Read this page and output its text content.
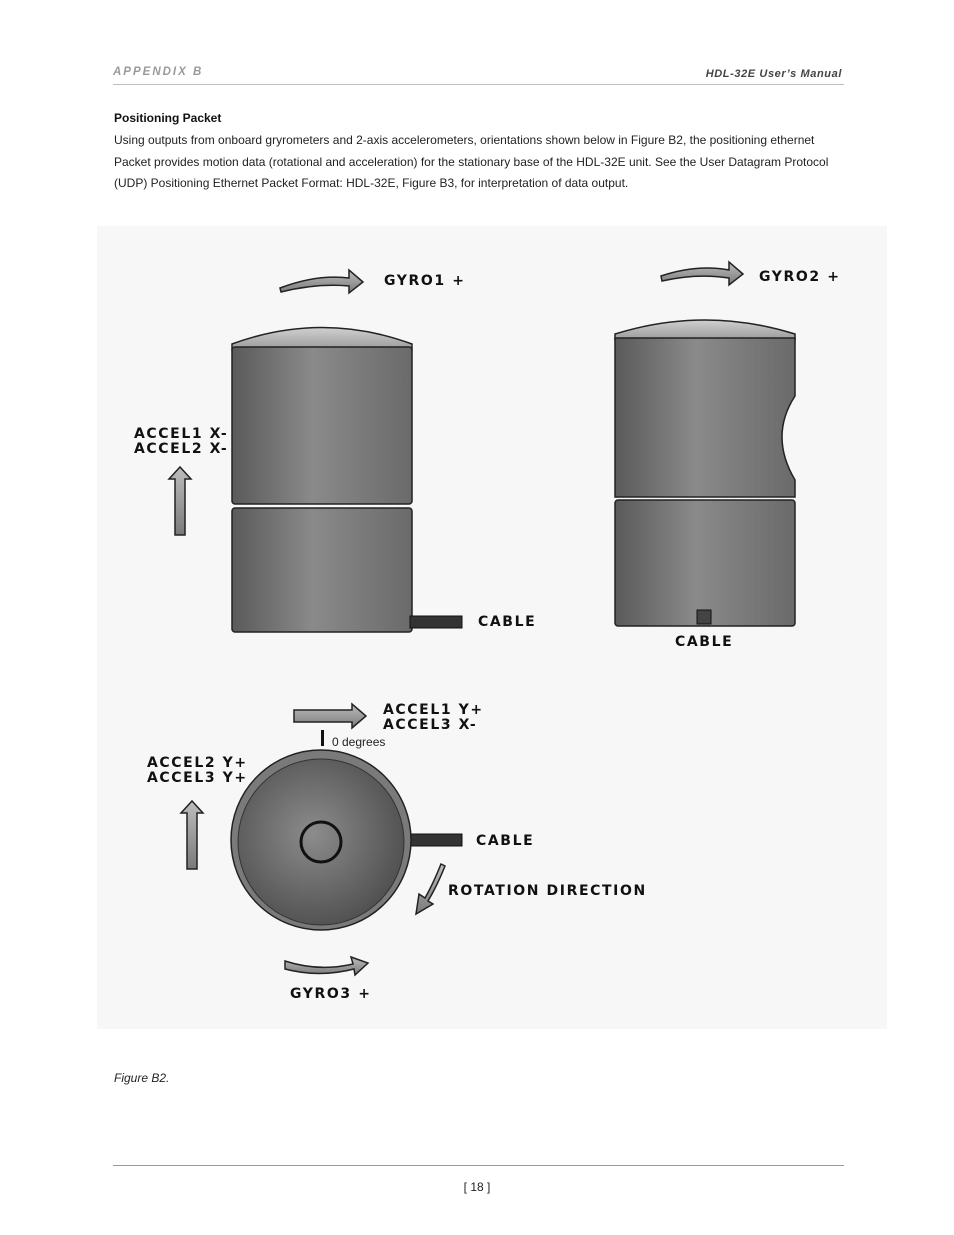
APPENDIX B	HDL-32E User’s Manual
Positioning Packet

Using outputs from onboard gryrometers and 2-axis accelerometers, orientations shown below in Figure B2, the positioning ethernet Packet provides motion data (rotational and acceleration) for the stationary base of the HDL-32E unit. See the User Datagram Protocol (UDP) Positioning Ethernet Packet Format: HDL-32E, Figure B3, for interpretation of data output.

GYRO1 +
ACCEL1 X-
ACCEL2 X-
CABLE
GYRO2 +
CABLE
ACCEL1 Y+
ACCEL3 X-
0 degrees
ACCEL2 Y+
ACCEL3 Y+
CABLE
ROTATION DIRECTION
GYRO3 +
Figure B2.
[ 18 ]
